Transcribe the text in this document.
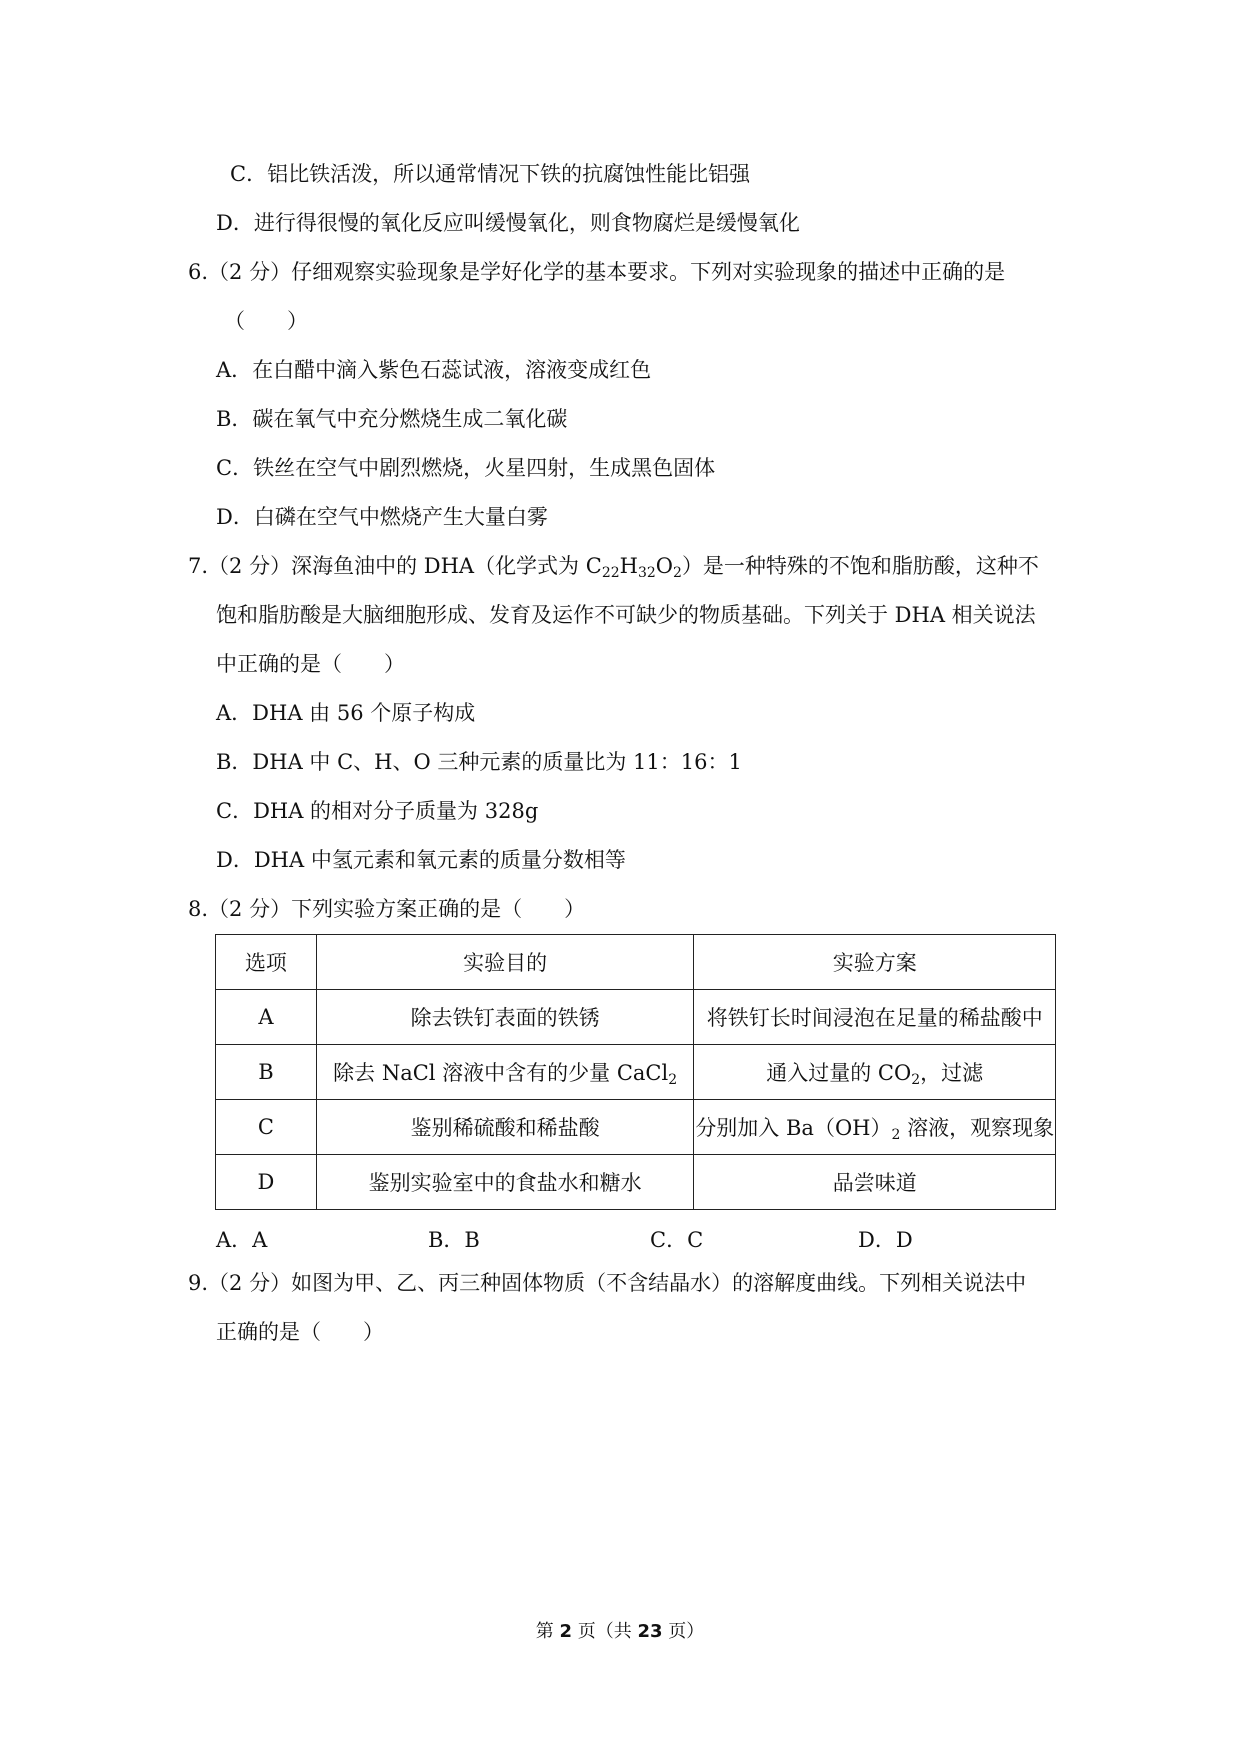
C．铝比铁活泼，所以通常情况下铁的抗腐蚀性能比铝强
D．进行得很慢的氧化反应叫缓慢氧化，则食物腐烂是缓慢氧化
6.（2 分）仔细观察实验现象是学好化学的基本要求。下列对实验现象的描述中正确的是
（　　）
A．在白醋中滴入紫色石蕊试液，溶液变成红色
B．碳在氧气中充分燃烧生成二氧化碳
C．铁丝在空气中剧烈燃烧，火星四射，生成黑色固体
D．白磷在空气中燃烧产生大量白雾
7.（2 分）深海鱼油中的 DHA（化学式为 $C_{22}H_{32}O_2$）是一种特殊的不饱和脂肪酸，这种不
饱和脂肪酸是大脑细胞形成、发育及运作不可缺少的物质基础。下列关于 DHA 相关说法
中正确的是（　　）
A．DHA 由 56 个原子构成
B．DHA 中 C、H、O 三种元素的质量比为 11：16：1
C．DHA 的相对分子质量为 328g
D．DHA 中氢元素和氧元素的质量分数相等
8.（2 分）下列实验方案正确的是（　　）
选项	实验目的	实验方案
A	除去铁钉表面的铁锈	将铁钉长时间浸泡在足量的稀盐酸中
B	除去 NaCl 溶液中含有的少量 CaCl$_2$	通入过量的 $CO_2$，过滤
C	鉴别稀硫酸和稀盐酸	分别加入 $Ba(OH)_2$ 溶液，观察现象
D	鉴别实验室中的食盐水和糖水	品尝味道
A．A	B．B	C．C	D．D
9.（2 分）如图为甲、乙、丙三种固体物质（不含结晶水）的溶解度曲线。下列相关说法中
正确的是（　　）
第 2 页（共 23 页）
